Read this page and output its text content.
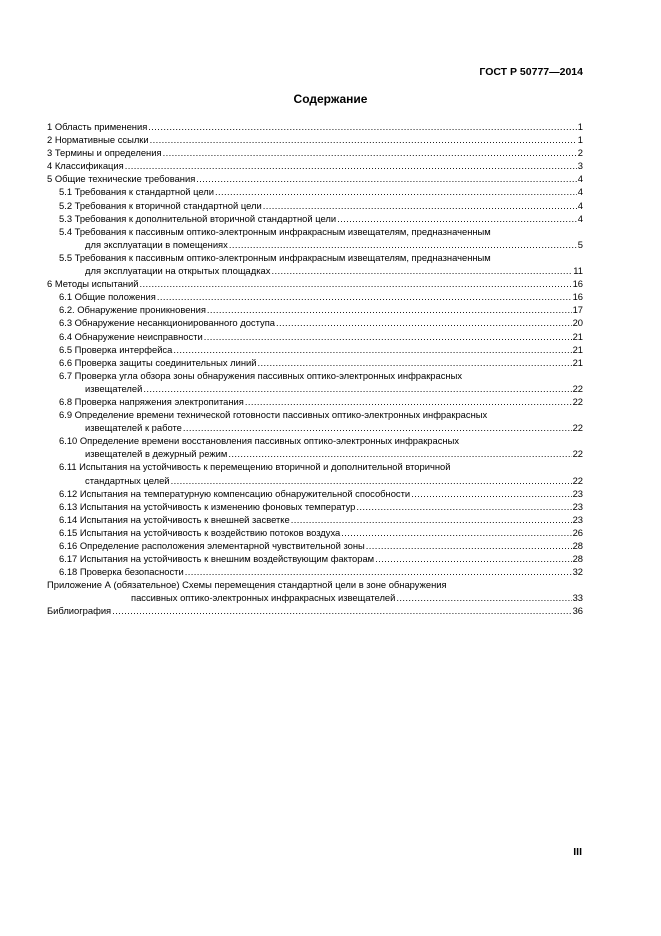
ГОСТ Р 50777—2014
Содержание
1 Область применения .....	1
2 Нормативные ссылки .....	1
3 Термины и определения .....	2
4 Классификация .....	3
5 Общие технические требования .....	4
5.1 Требования к стандартной цели .....	4
5.2 Требования к вторичной стандартной цели .....	4
5.3 Требования к дополнительной вторичной стандартной цели .....	4
5.4 Требования к пассивным оптико-электронным инфракрасным извещателям, предназначенным
для эксплуатации в помещениях .....	5
5.5 Требования к пассивным оптико-электронным инфракрасным извещателям, предназначенным
для эксплуатации на открытых площадках .....	11
6 Методы испытаний .....	16
6.1 Общие положения .....	16
6.2. Обнаружение проникновения .....	17
6.3 Обнаружение несанкционированного доступа .....	20
6.4 Обнаружение неисправности .....	21
6.5 Проверка интерфейса .....	21
6.6 Проверка защиты соединительных линий .....	21
6.7 Проверка угла обзора зоны обнаружения пассивных оптико-электронных инфракрасных
извещателей .....	22
6.8 Проверка напряжения электропитания .....	22
6.9 Определение времени технической готовности пассивных оптико-электронных инфракрасных
извещателей к работе .....	22
6.10 Определение времени восстановления пассивных оптико-электронных инфракрасных
извещателей в дежурный режим .....	22
6.11 Испытания на устойчивость к перемещению вторичной и дополнительной вторичной
стандартных целей .....	22
6.12 Испытания на температурную компенсацию обнаружительной способности .....	23
6.13 Испытания на устойчивость к изменению фоновых температур .....	23
6.14 Испытания на устойчивость к внешней засветке .....	23
6.15 Испытания на устойчивость к воздействию потоков воздуха .....	26
6.16 Определение расположения элементарной чувствительной зоны .....	28
6.17 Испытания на устойчивость к внешним воздействующим факторам .....	28
6.18 Проверка безопасности .....	32
Приложение А (обязательное) Схемы перемещения стандартной цели в зоне обнаружения
пассивных оптико-электронных инфракрасных извещателей .....	33
Библиография .....	36
III
